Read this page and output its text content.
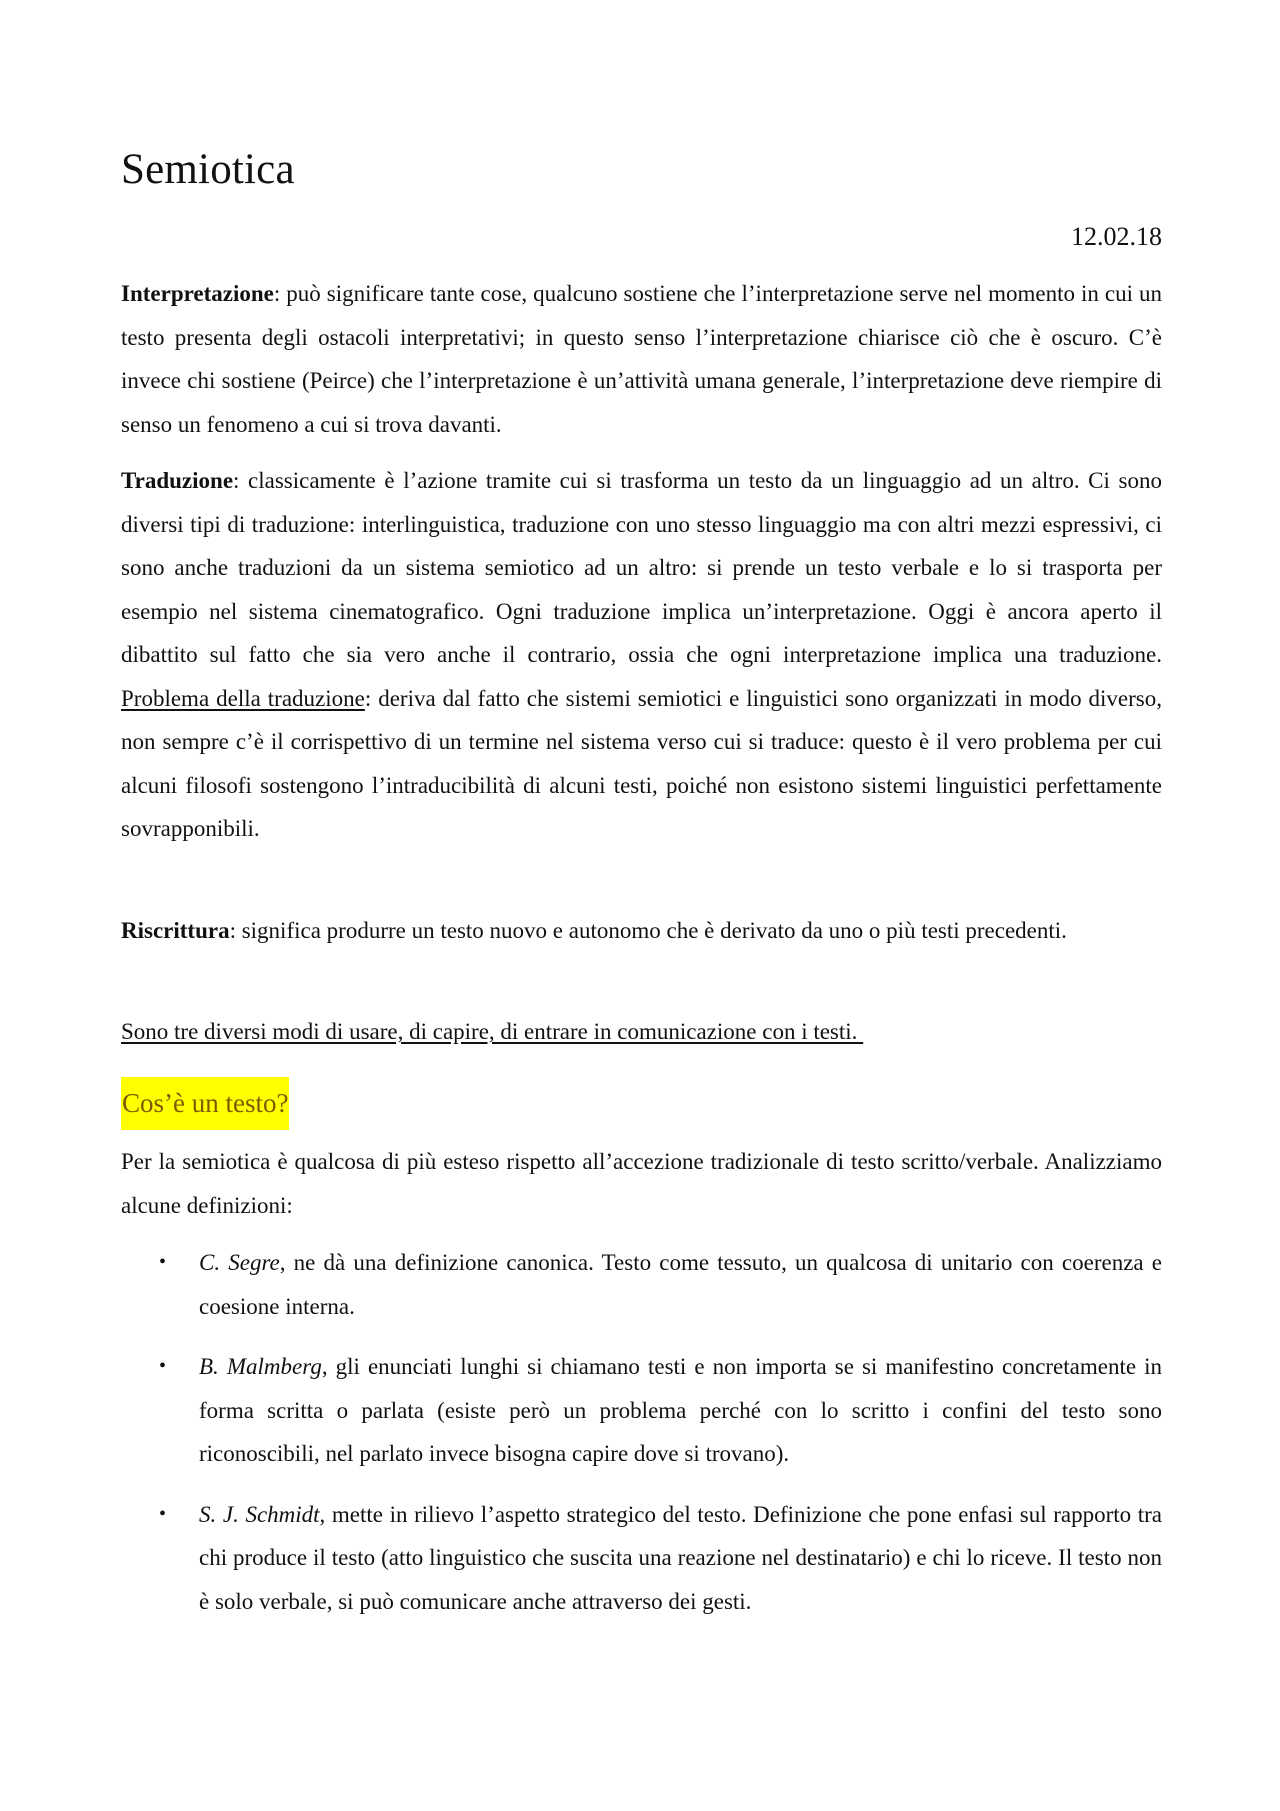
Semiotica
12.02.18

Interpretazione: può significare tante cose, qualcuno sostiene che l’interpretazione serve nel momento in cui un testo presenta degli ostacoli interpretativi; in questo senso l’interpretazione chiarisce ciò che è oscuro. C’è invece chi sostiene (Peirce) che l’interpretazione è un’attività umana generale, l’interpretazione deve riempire di senso un fenomeno a cui si trova davanti.

Traduzione: classicamente è l’azione tramite cui si trasforma un testo da un linguaggio ad un altro. Ci sono diversi tipi di traduzione: interlinguistica, traduzione con uno stesso linguaggio ma con altri mezzi espressivi, ci sono anche traduzioni da un sistema semiotico ad un altro: si prende un testo verbale e lo si trasporta per esempio nel sistema cinematografico. Ogni traduzione implica un’interpretazione. Oggi è ancora aperto il dibattito sul fatto che sia vero anche il contrario, ossia che ogni interpretazione implica una traduzione. Problema della traduzione: deriva dal fatto che sistemi semiotici e linguistici sono organizzati in modo diverso, non sempre c’è il corrispettivo di un termine nel sistema verso cui si traduce: questo è il vero problema per cui alcuni filosofi sostengono l’intraducibilità di alcuni testi, poiché non esistono sistemi linguistici perfettamente sovrapponibili.

Riscrittura: significa produrre un testo nuovo e autonomo che è derivato da uno o più testi precedenti.

Sono tre diversi modi di usare, di capire, di entrare in comunicazione con i testi.

Cos’è un testo?

Per la semiotica è qualcosa di più esteso rispetto all’accezione tradizionale di testo scritto/verbale. Analizziamo alcune definizioni:

• C. Segre, ne dà una definizione canonica. Testo come tessuto, un qualcosa di unitario con coerenza e coesione interna.
• B. Malmberg, gli enunciati lunghi si chiamano testi e non importa se si manifestino concretamente in forma scritta o parlata (esiste però un problema perché con lo scritto i confini del testo sono riconoscibili, nel parlato invece bisogna capire dove si trovano).
• S. J. Schmidt, mette in rilievo l’aspetto strategico del testo. Definizione che pone enfasi sul rapporto tra chi produce il testo (atto linguistico che suscita una reazione nel destinatario) e chi lo riceve. Il testo non è solo verbale, si può comunicare anche attraverso dei gesti.
